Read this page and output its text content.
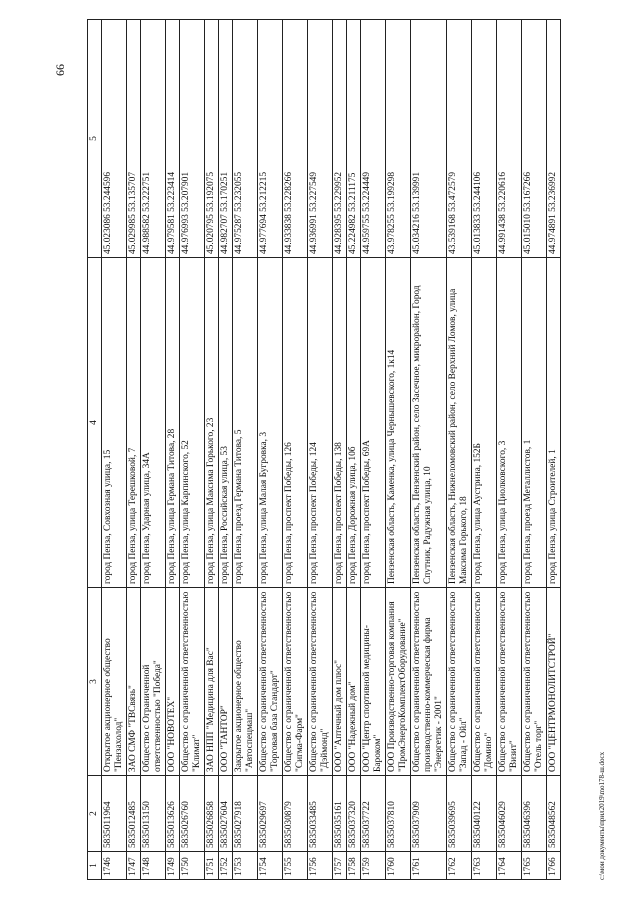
66
1	2	3	4	5
1746	5835011964	Открытое акционерное общество "Пензахолод"	город Пенза, Совхозная улица, 15	45.023086 53.244596
1747	5835012485	ЗАО СМФ "ТВСвязь"	город Пенза, улица Терешковой, 7	45.029985 53.135707
1748	5835013150	Общество с Ограниченной ответственностью "Победа"	город Пенза, Ударная улица, 34А	44.988582 53.222751
1749	5835013626	ООО "НОВОТЕХ"	город Пенза, улица Германа Титова, 28	44.979581 53.223414
1750	5835026760	Общество с ограниченной ответственностью "Климат"	город Пенза, улица Карпинского, 52	44.976993 53.207901
1751	5835026858	ЗАО НПП "Медицина для Вас"	город Пенза, улица Максима Горького, 23	45.020795 53.192075
1752	5835027604	ООО "ТАНТОР"	город Пенза, Российская улица, 53	44.982707 53.170251
1753	5835027918	Закрытое акционерное общество "Автоспецмаш"	город Пенза, проезд Германа Титова, 5	44.975287 53.232055
1754	5835029697	Общество с ограниченной ответственностью "Торговая база Стандарт"	город Пенза, улица Малая Бугровка, 3	44.977694 53.212215
1755	5835030879	Общество с ограниченной ответственностью "Сигма-Фарм"	город Пенза, проспект Победы, 126	44.933838 53.228266
1756	5835033485	Общество с ограниченной ответственностью "Дэймонд"	город Пенза, проспект Победы, 124	44.936991 53.227549
1757	5835035161	ООО "Аптечный дом плюс"	город Пенза, проспект Победы, 138	44.928395 53.229952
1758	5835037320	ООО "Надежный дом"	город Пенза, Дорожная улица, 10б	45.224982 53.211175
1759	5835037722	ООО "Центр спортивной медицины-Бароком"	город Пенза, проспект Победы, 69А	44.959755 53.224449
1760	5835037810	ООО Производственно-торговая компания "ПромЭнергоКомплектОборудование"	Пензенская область, Каменка, улица Чернышевского, 1к14	43.978255 53.199298
1761	5835037909	Общество с ограниченной ответственностью производственно-коммерческая фирма "Энергетик - 2001"	Пензенская область, Пензенский район, село Засечное, микрорайон, Город Спутник, Радужная улица, 10	45.034216 53.139991
1762	5835039695	Общество с ограниченной ответственностью "Запад - Ойл"	Пензенская область, Нижнеломовский район, село Верхний Ломов, улица Максима Горького, 18	43.539168 53.472579
1763	5835040122	Общество с ограниченной ответственностью "Домино"	город Пенза, улица Аустрина, 152Б	45.013833 53.244106
1764	5835046029	Общество с ограниченной ответственностью "Визит"	город Пенза, улица Циолковского, 3	44.991438 53.220616
1765	5835046396	Общество с ограниченной ответственностью "Отель торг"	город Пенза, проезд Металлистов, 1	45.015010 53.167266
1766	5835048562	ООО "ЦЕНТРМОНОЛИТСТРОЙ"	город Пенза, улица Строителей, 1	44.974891 53.236992
c:\мои документы\прил2019\mo178-ш.docx
